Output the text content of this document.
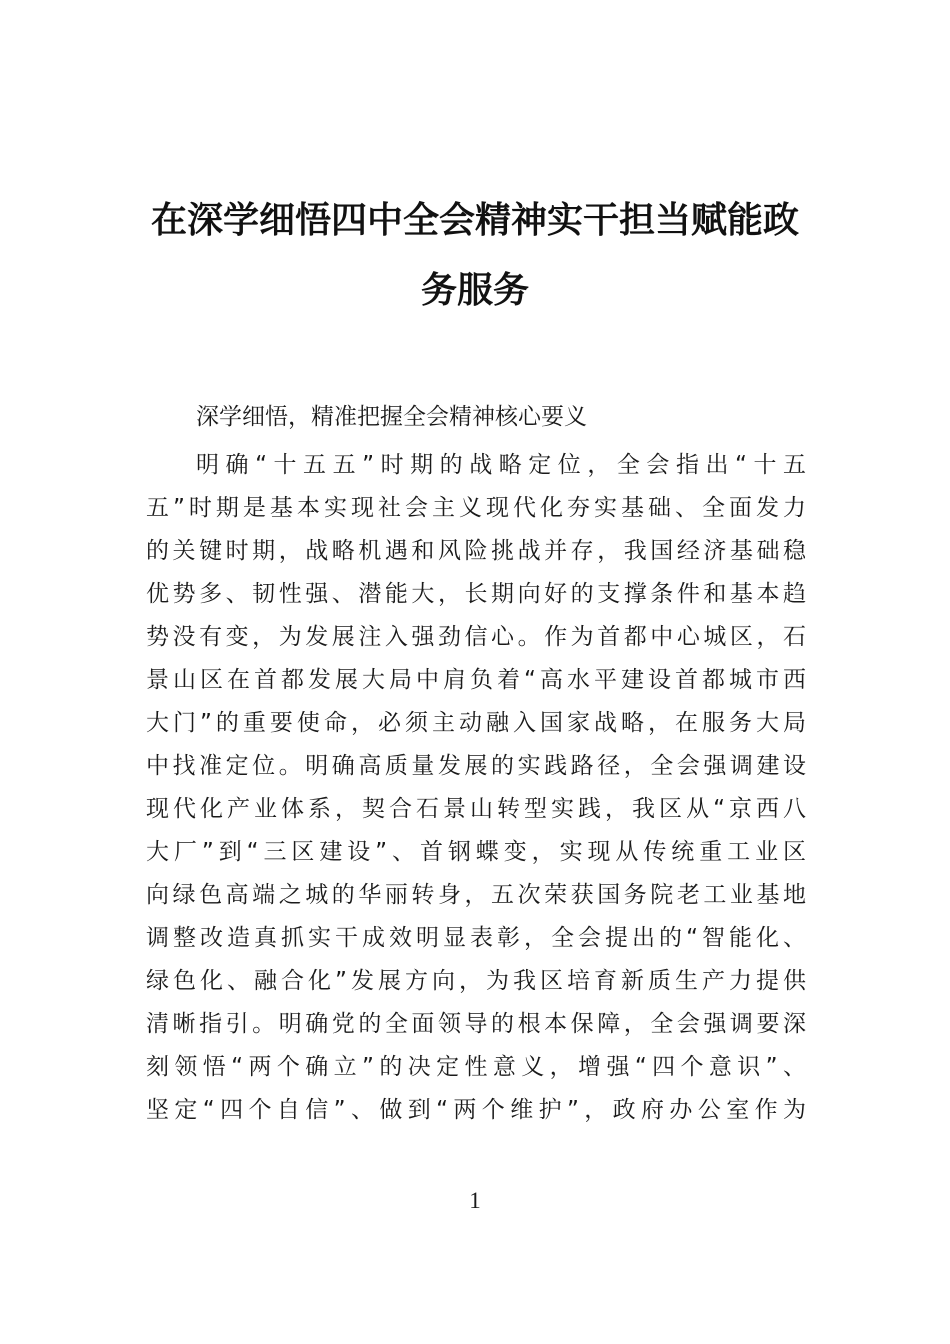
在深学细悟四中全会精神实干担当赋能政
务服务
深学细悟，精准把握全会精神核心要义
明确“十五五”时期的战略定位，全会指出“十五
五”时期是基本实现社会主义现代化夯实基础、全面发力
的关键时期，战略机遇和风险挑战并存，我国经济基础稳
优势多、韧性强、潜能大，长期向好的支撑条件和基本趋
势没有变，为发展注入强劲信心。作为首都中心城区，石
景山区在首都发展大局中肩负着“高水平建设首都城市西
大门”的重要使命，必须主动融入国家战略，在服务大局
中找准定位。明确高质量发展的实践路径，全会强调建设
现代化产业体系，契合石景山转型实践，我区从“京西八
大厂”到“三区建设”、首钢蝶变，实现从传统重工业区
向绿色高端之城的华丽转身，五次荣获国务院老工业基地
调整改造真抓实干成效明显表彰，全会提出的“智能化、
绿色化、融合化”发展方向，为我区培育新质生产力提供
清晰指引。明确党的全面领导的根本保障，全会强调要深
刻领悟“两个确立”的决定性意义，增强“四个意识”、
坚定“四个自信”、做到“两个维护”，政府办公室作为
1
